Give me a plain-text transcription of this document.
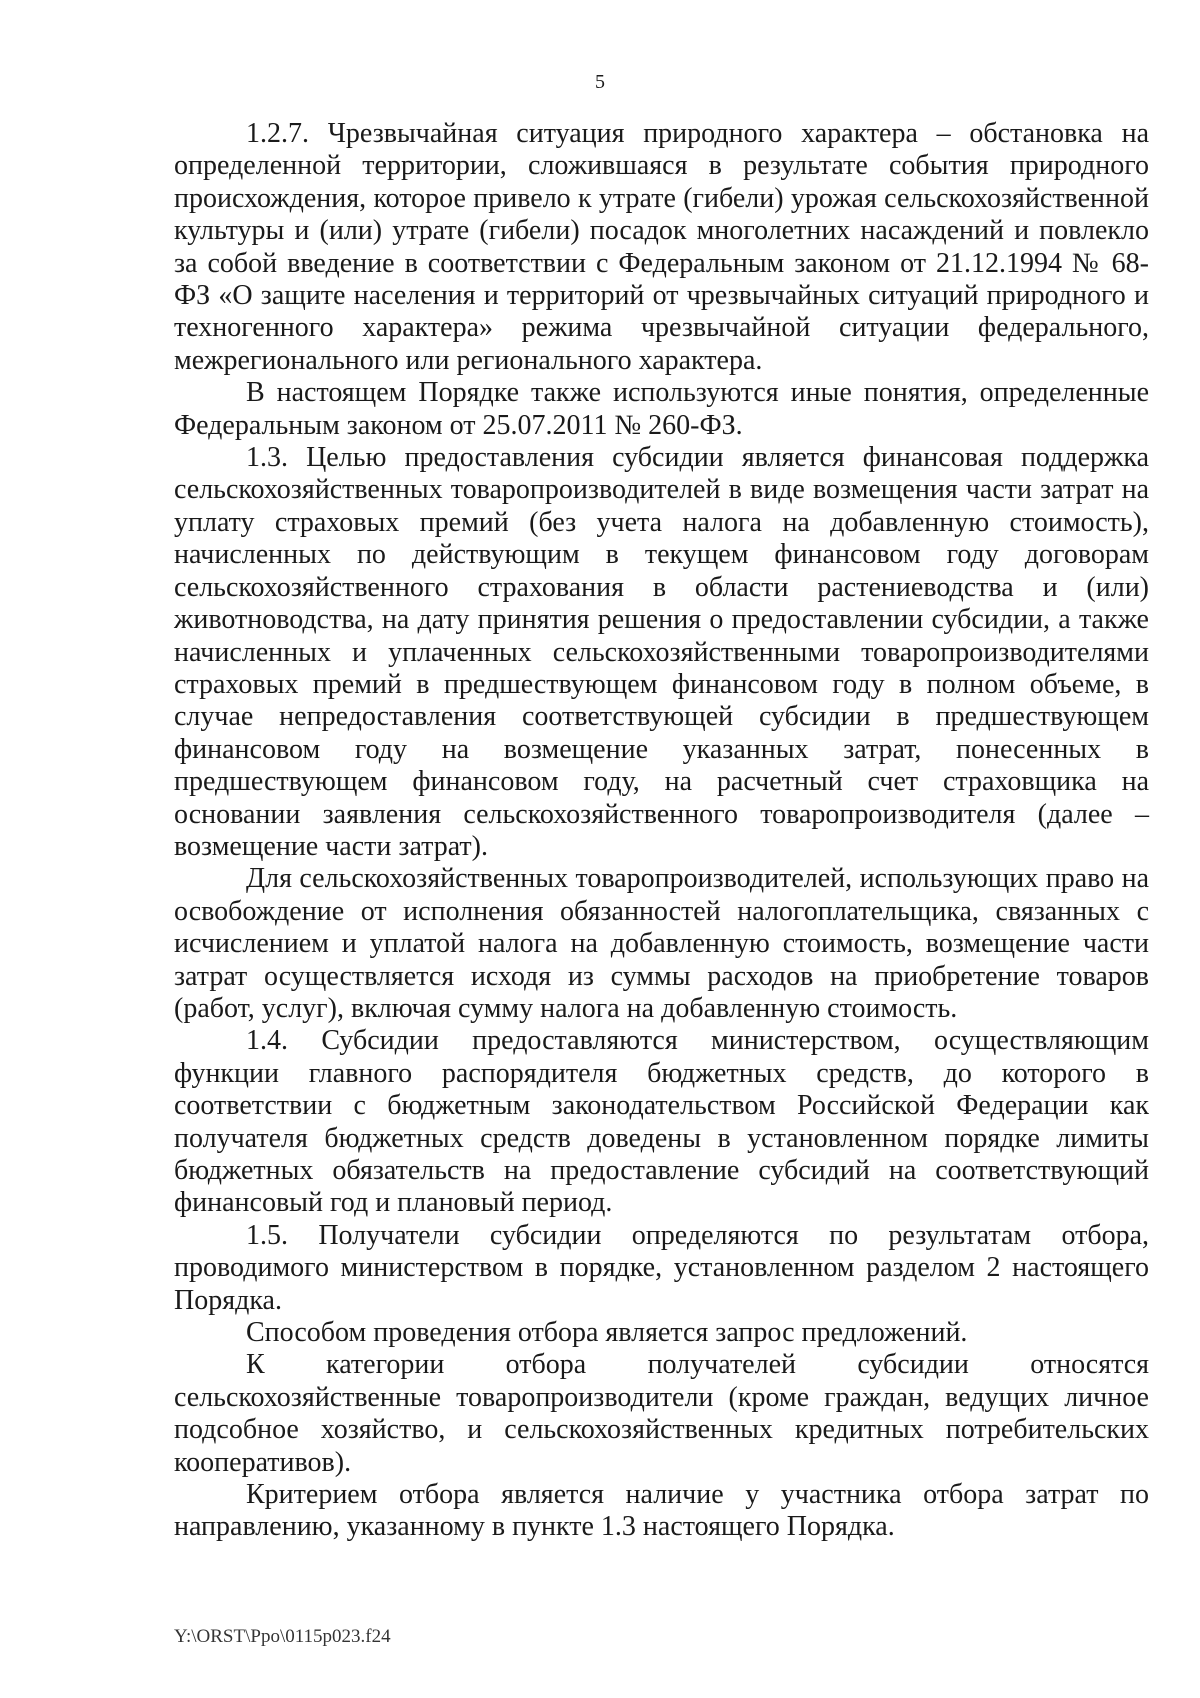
5

1.2.7. Чрезвычайная ситуация природного характера – обстановка на определенной территории, сложившаяся в результате события природного происхождения, которое привело к утрате (гибели) урожая сельскохозяйственной культуры и (или) утрате (гибели) посадок многолетних насаждений и повлекло за собой введение в соответствии с Федеральным законом от 21.12.1994 № 68-ФЗ «О защите населения и территорий от чрезвычайных ситуаций природного и техногенного характера» режима чрезвычайной ситуации федерального, межрегионального или регионального характера.

В настоящем Порядке также используются иные понятия, определенные Федеральным законом от 25.07.2011 № 260-ФЗ.

1.3. Целью предоставления субсидии является финансовая поддержка сельскохозяйственных товаропроизводителей в виде возмещения части затрат на уплату страховых премий (без учета налога на добавленную стоимость), начисленных по действующим в текущем финансовом году договорам сельскохозяйственного страхования в области растениеводства и (или) животноводства, на дату принятия решения о предоставлении субсидии, а также начисленных и уплаченных сельскохозяйственными товаропроизводителями страховых премий в предшествующем финансовом году в полном объеме, в случае непредоставления соответствующей субсидии в предшествующем финансовом году на возмещение указанных затрат, понесенных в предшествующем финансовом году, на расчетный счет страховщика на основании заявления сельскохозяйственного товаропроизводителя (далее – возмещение части затрат).

Для сельскохозяйственных товаропроизводителей, использующих право на освобождение от исполнения обязанностей налогоплательщика, связанных с исчислением и уплатой налога на добавленную стоимость, возмещение части затрат осуществляется исходя из суммы расходов на приобретение товаров (работ, услуг), включая сумму налога на добавленную стоимость.

1.4. Субсидии предоставляются министерством, осуществляющим функции главного распорядителя бюджетных средств, до которого в соответствии с бюджетным законодательством Российской Федерации как получателя бюджетных средств доведены в установленном порядке лимиты бюджетных обязательств на предоставление субсидий на соответствующий финансовый год и плановый период.

1.5. Получатели субсидии определяются по результатам отбора, проводимого министерством в порядке, установленном разделом 2 настоящего Порядка.

Способом проведения отбора является запрос предложений.

К категории отбора получателей субсидии относятся сельскохозяйственные товаропроизводители (кроме граждан, ведущих личное подсобное хозяйство, и сельскохозяйственных кредитных потребительских кооперативов).

Критерием отбора является наличие у участника отбора затрат по направлению, указанному в пункте 1.3 настоящего Порядка.

Y:\ORST\Ppo\0115p023.f24
